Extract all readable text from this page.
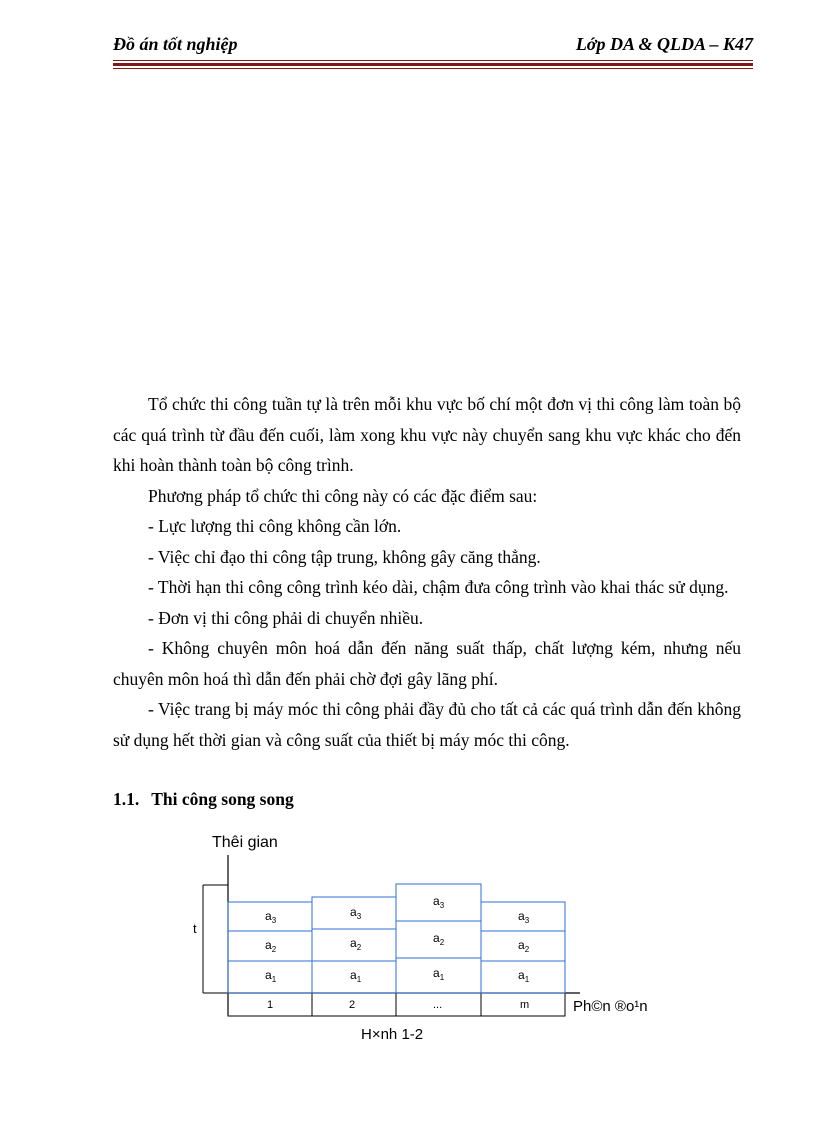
Đồ án tốt nghiệp	Lớp DA & QLDA – K47

Tổ chức thi công tuần tự là trên mỗi khu vực bố chí một đơn vị thi công làm toàn bộ các quá trình từ đầu đến cuối, làm xong khu vực này chuyển sang khu vực khác cho đến khi hoàn thành toàn bộ công trình.

Phương pháp tổ chức thi công này có các đặc điểm sau:

- Lực lượng thi công không cần lớn.

- Việc chỉ đạo thi công tập trung, không gây căng thẳng.

- Thời hạn thi công công trình kéo dài, chậm đưa công trình vào khai thác sử dụng.

- Đơn vị thi công phải di chuyển nhiều.

- Không chuyên môn hoá dẫn đến năng suất thấp, chất lượng kém, nhưng nếu chuyên môn hoá thì dẫn đến phải chờ đợi gây lãng phí.

- Việc trang bị máy móc thi công phải đầy đủ cho tất cả các quá trình dẫn đến không sử dụng hết thời gian và công suất của thiết bị máy móc thi công.

1.1. Thi công song song
Thêi gian
t
Ph©n ®o¹n
1	2	...	m
$a_3$
$a_2$
$a_1$
$a_3$
$a_2$
$a_1$
$a_3$
$a_2$
$a_1$
$a_3$
$a_2$
$a_1$
H×nh 1-2
